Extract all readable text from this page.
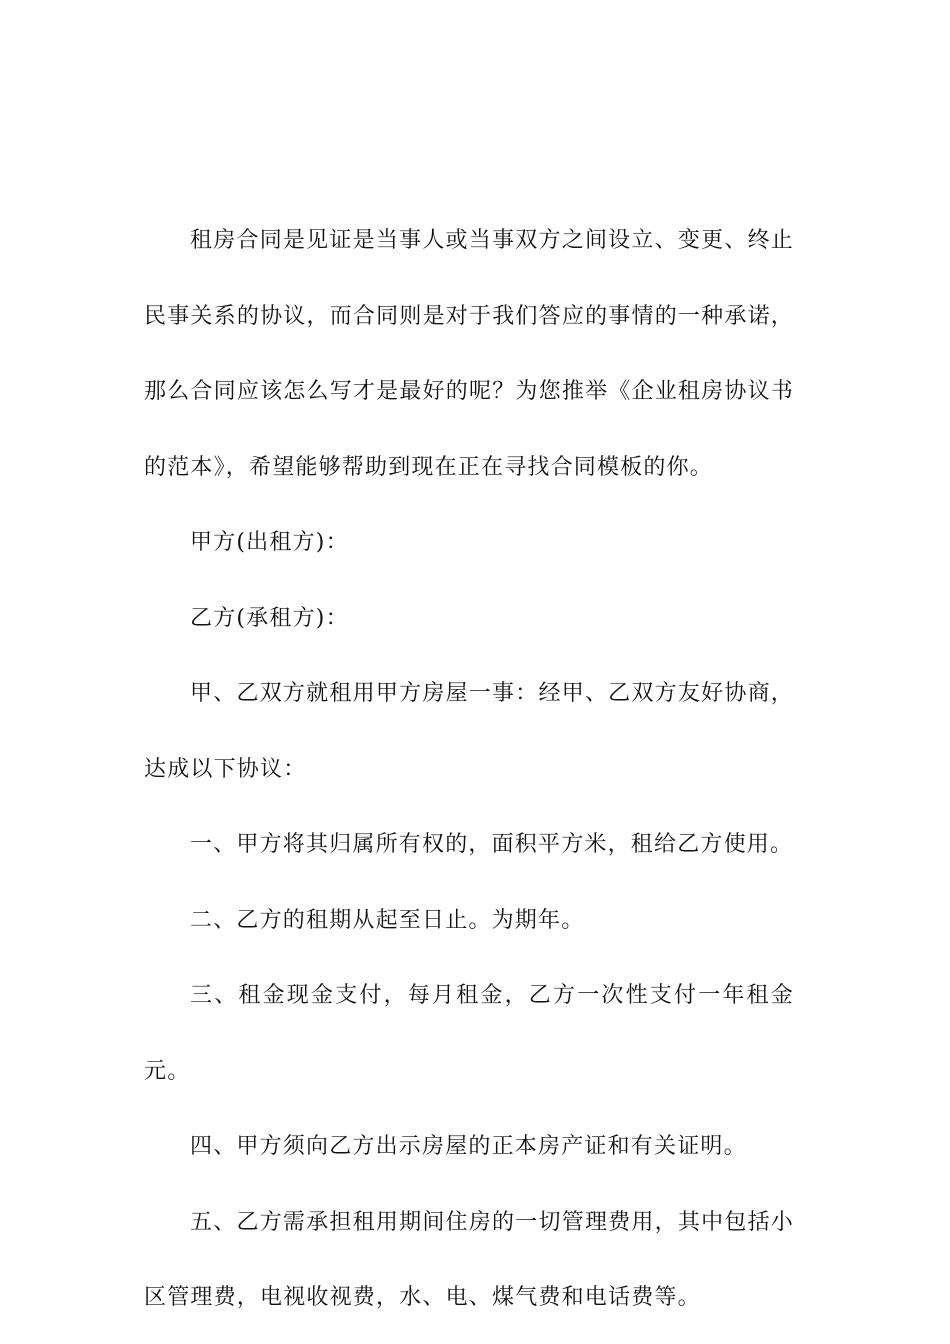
租房合同是见证是当事人或当事双方之间设立、变更、终止民事关系的协议，而合同则是对于我们答应的事情的一种承诺，那么合同应该怎么写才是最好的呢？为您推举《企业租房协议书的范本》，希望能够帮助到现在正在寻找合同模板的你。

甲方(出租方)：

乙方(承租方)：

甲、乙双方就租用甲方房屋一事：经甲、乙双方友好协商，达成以下协议：

一、甲方将其归属所有权的，面积平方米，租给乙方使用。

二、乙方的租期从起至日止。为期年。

三、租金现金支付，每月租金，乙方一次性支付一年租金元。

四、甲方须向乙方出示房屋的正本房产证和有关证明。

五、乙方需承担租用期间住房的一切管理费用，其中包括小区管理费，电视收视费，水、电、煤气费和电话费等。
